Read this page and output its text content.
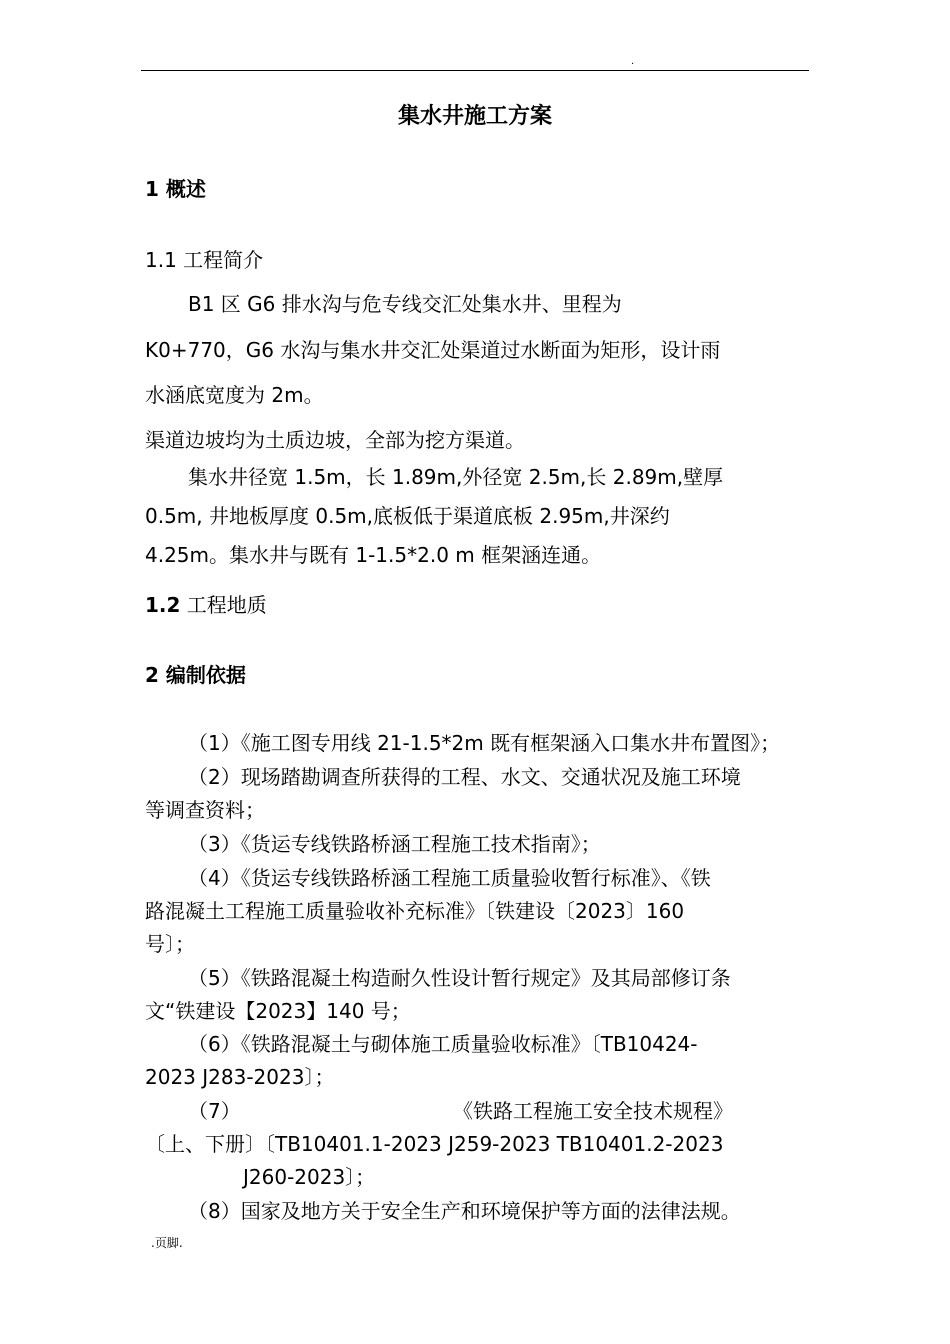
.
集水井施工方案
1 概述
1.1 工程简介
B1 区 G6 排水沟与危专线交汇处集水井、里程为
K0+770，G6 水沟与集水井交汇处渠道过水断面为矩形，设计雨
水涵底宽度为 2m。
渠道边坡均为土质边坡，全部为挖方渠道。
集水井径宽 1.5m，长 1.89m,外径宽 2.5m,长 2.89m,壁厚
0.5m, 井地板厚度 0.5m,底板低于渠道底板 2.95m,井深约
4.25m。集水井与既有 1-1.5*2.0 m 框架涵连通。
1.2 工程地质
2 编制依据
（1）《施工图专用线 21-1.5*2m 既有框架涵入口集水井布置图》；
（2）现场踏勘调查所获得的工程、水文、交通状况及施工环境
等调查资料；
（3）《货运专线铁路桥涵工程施工技术指南》；
（4）《货运专线铁路桥涵工程施工质量验收暂行标准》、《铁
路混凝土工程施工质量验收补充标准》〔铁建设〔2023〕160
号〕；
（5）《铁路混凝土构造耐久性设计暂行规定》及其局部修订条
文“铁建设【2023】140 号；
（6）《铁路混凝土与砌体施工质量验收标准》〔TB10424-
2023 J283-2023〕；
（7）	《铁路工程施工安全技术规程》
〔上、下册〕〔TB10401.1-2023 J259-2023 TB10401.2-2023
J260-2023〕；
（8）国家及地方关于安全生产和环境保护等方面的法律法规。
.页脚.
